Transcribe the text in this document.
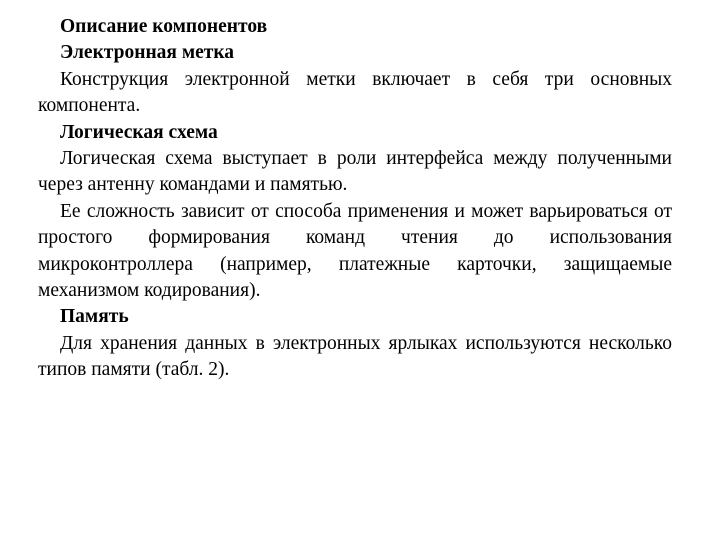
Описание компонентов

Электронная метка

Конструкция электронной метки включает в себя три основных компонента.

Логическая схема

Логическая схема выступает в роли интерфейса между полученными через антенну командами и памятью.

Ее сложность зависит от способа применения и может варьироваться от простого формирования команд чтения до использования микроконтроллера (например, платежные карточки, защищаемые механизмом кодирования).

Память

Для хранения данных в электронных ярлыках используются несколько типов памяти (табл. 2).
